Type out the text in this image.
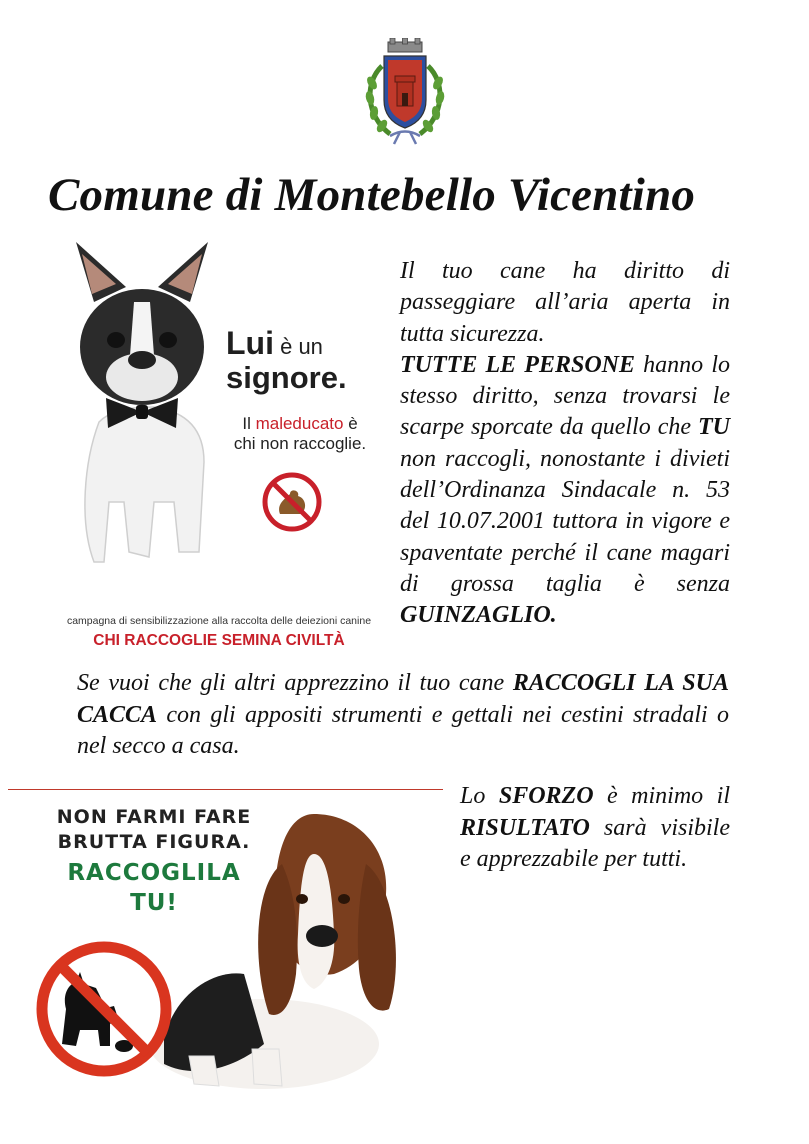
Comune di Montebello Vicentino
Lui è un
signore.
Il maleducato è
chi non raccoglie.
campagna di sensibilizzazione alla raccolta delle deiezioni canine
CHI RACCOGLIE SEMINA CIVILTÀ
Il tuo cane ha diritto di passeggiare all’aria aperta in tutta sicurezza.
TUTTE LE PERSONE hanno lo stesso diritto, senza trovarsi le scarpe sporcate da quello che TU non raccogli, nonostante i divieti dell’Ordinanza Sindacale n. 53 del 10.07.2001 tuttora in vigore e spaventate perché il cane magari di grossa taglia è senza GUINZAGLIO.
Se vuoi che gli altri apprezzino il tuo cane RACCOGLI LA SUA CACCA con gli appositi strumenti e gettali nei cestini stradali o nel secco a casa.
NON FARMI FARE
BRUTTA FIGURA.
RACCOGLILA
TU!
Lo SFORZO è minimo il RISULTATO sarà visibile e apprezzabile per tutti.
